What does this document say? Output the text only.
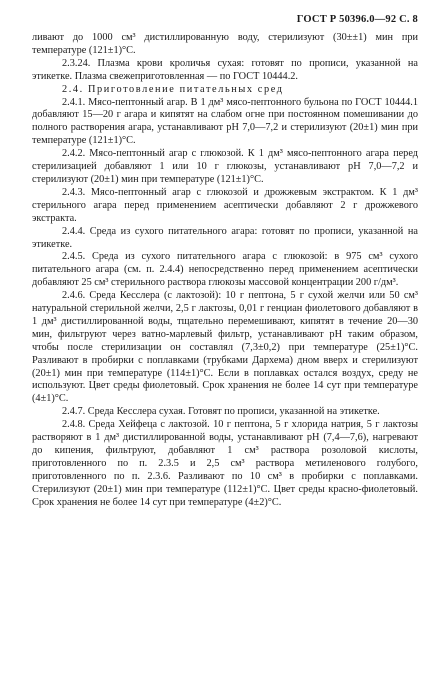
ГОСТ Р 50396.0—92 С. 8

ливают до 1000 см³ дистиллированную воду, стерилизуют (30±±1) мин при температуре (121±1)°С.

2.3.24. Плазма крови кроличья сухая: готовят по прописи, указанной на этикетке. Плазма свежеприготовленная — по ГОСТ 10444.2.

2.4. Приготовление питательных сред

2.4.1. Мясо-пептонный агар. В 1 дм³ мясо-пептонного бульона по ГОСТ 10444.1 добавляют 15—20 г агара и кипятят на слабом огне при постоянном помешивании до полного растворения агара, устанавливают рН 7,0—7,2 и стерилизуют (20±1) мин при температуре (121±1)°С.

2.4.2. Мясо-пептонный агар с глюкозой. К 1 дм³ мясо-пептонного агара перед стерилизацией добавляют 1 или 10 г глюкозы, устанавливают рН 7,0—7,2 и стерилизуют (20±1) мин при температуре (121±1)°С.

2.4.3. Мясо-пептонный агар с глюкозой и дрожжевым экстрактом. К 1 дм³ стерильного агара перед применением асептически добавляют 2 г дрожжевого экстракта.

2.4.4. Среда из сухого питательного агара: готовят по прописи, указанной на этикетке.

2.4.5. Среда из сухого питательного агара с глюкозой: в 975 см³ сухого питательного агара (см. п. 2.4.4) непосредственно перед применением асептически добавляют 25 см³ стерильного раствора глюкозы массовой концентрации 200 г/дм³.

2.4.6. Среда Кесслера (с лактозой): 10 г пептона, 5 г сухой желчи или 50 см³ натуральной стерильной желчи, 2,5 г лактозы, 0,01 г генциан фиолетового добавляют в 1 дм³ дистиллированной воды, тщательно перемешивают, кипятят в течение 20—30 мин, фильтруют через ватно-марлевый фильтр, устанавливают рН таким образом, чтобы после стерилизации он составлял (7,3±0,2) при температуре (25±1)°С. Разливают в пробирки с поплавками (трубками Дархема) дном вверх и стерилизуют (20±1) мин при температуре (114±1)°С. Если в поплавках остался воздух, среду не используют. Цвет среды фиолетовый. Срок хранения не более 14 сут при температуре (4±1)°С.

2.4.7. Среда Кесслера сухая. Готовят по прописи, указанной на этикетке.

2.4.8. Среда Хейфеца с лактозой. 10 г пептона, 5 г хлорида натрия, 5 г лактозы растворяют в 1 дм³ дистиллированной воды, устанавливают рН (7,4—7,6), нагревают до кипения, фильтруют, добавляют 1 см³ раствора розоловой кислоты, приготовленного по п. 2.3.5 и 2,5 см³ раствора метиленового голубого, приготовленного по п. 2.3.6. Разливают по 10 см³ в пробирки с поплавками. Стерилизуют (20±1) мин при температуре (112±1)°С. Цвет среды красно-фиолетовый. Срок хранения не более 14 сут при температуре (4±2)°С.
